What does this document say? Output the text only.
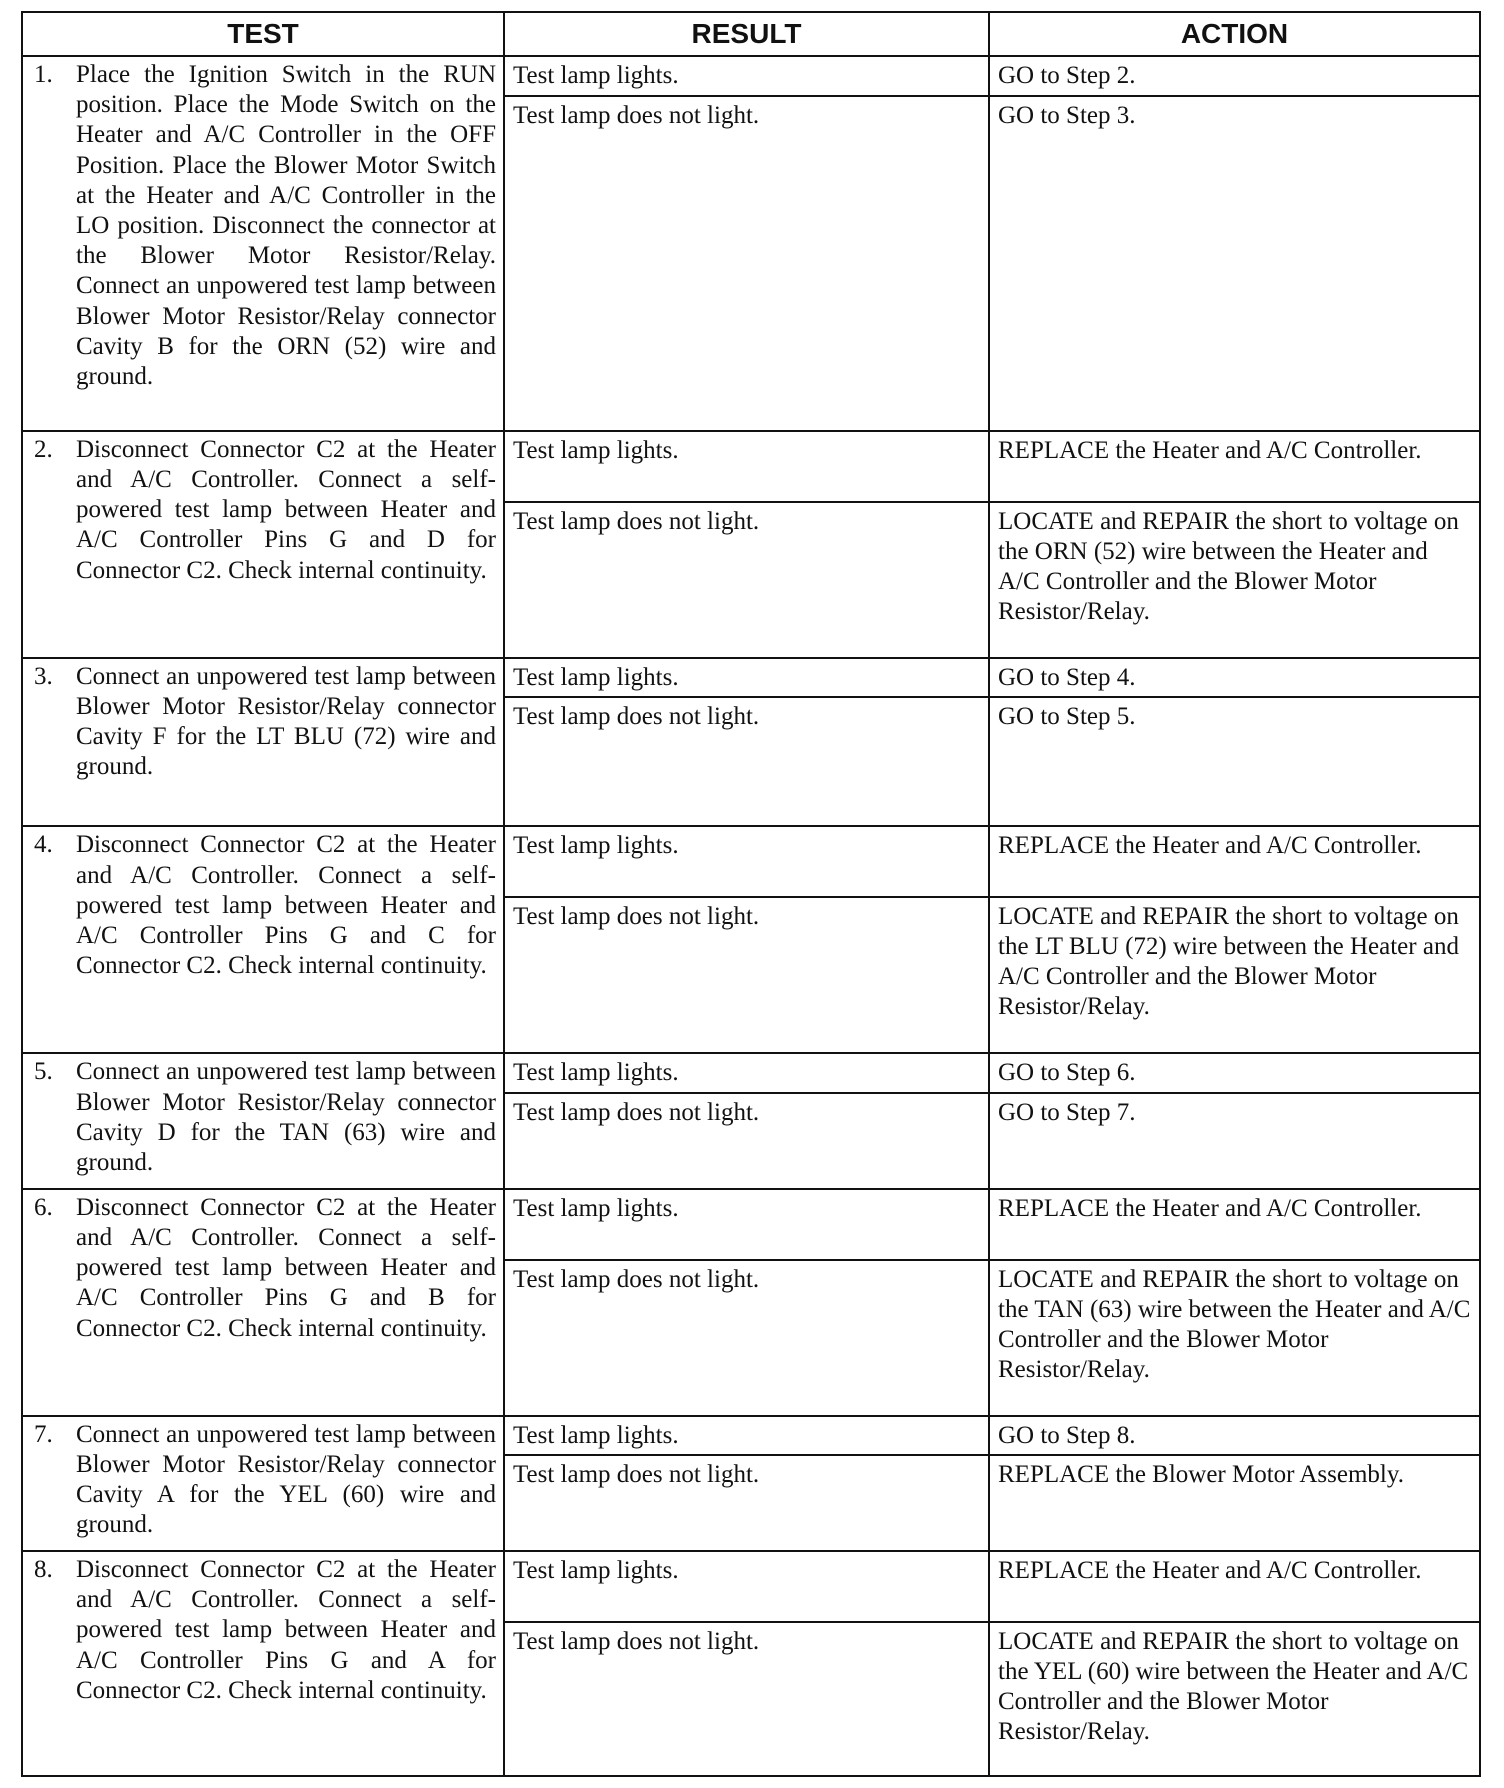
TEST	RESULT	ACTION
1. Place the Ignition Switch in the RUN position. Place the Mode Switch on the Heater and A/C Controller in the OFF Position. Place the Blower Motor Switch at the Heater and A/C Controller in the LO position. Disconnect the connector at the Blower Motor Resistor/Relay. Connect an unpowered test lamp between Blower Motor Resistor/Relay connector Cavity B for the ORN (52) wire and ground.	Test lamp lights.	GO to Step 2.
	Test lamp does not light.	GO to Step 3.
2. Disconnect Connector C2 at the Heater and A/C Controller. Connect a self-powered test lamp between Heater and A/C Controller Pins G and D for Connector C2. Check internal continuity.	Test lamp lights.	REPLACE the Heater and A/C Controller.
	Test lamp does not light.	LOCATE and REPAIR the short to voltage on the ORN (52) wire between the Heater and A/C Controller and the Blower Motor Resistor/Relay.
3. Connect an unpowered test lamp between Blower Motor Resistor/Relay connector Cavity F for the LT BLU (72) wire and ground.	Test lamp lights.	GO to Step 4.
	Test lamp does not light.	GO to Step 5.
4. Disconnect Connector C2 at the Heater and A/C Controller. Connect a self-powered test lamp between Heater and A/C Controller Pins G and C for Connector C2. Check internal continuity.	Test lamp lights.	REPLACE the Heater and A/C Controller.
	Test lamp does not light.	LOCATE and REPAIR the short to voltage on the LT BLU (72) wire between the Heater and A/C Controller and the Blower Motor Resistor/Relay.
5. Connect an unpowered test lamp between Blower Motor Resistor/Relay connector Cavity D for the TAN (63) wire and ground.	Test lamp lights.	GO to Step 6.
	Test lamp does not light.	GO to Step 7.
6. Disconnect Connector C2 at the Heater and A/C Controller. Connect a self-powered test lamp between Heater and A/C Controller Pins G and B for Connector C2. Check internal continuity.	Test lamp lights.	REPLACE the Heater and A/C Controller.
	Test lamp does not light.	LOCATE and REPAIR the short to voltage on the TAN (63) wire between the Heater and A/C Controller and the Blower Motor Resistor/Relay.
7. Connect an unpowered test lamp between Blower Motor Resistor/Relay connector Cavity A for the YEL (60) wire and ground.	Test lamp lights.	GO to Step 8.
	Test lamp does not light.	REPLACE the Blower Motor Assembly.
8. Disconnect Connector C2 at the Heater and A/C Controller. Connect a self-powered test lamp between Heater and A/C Controller Pins G and A for Connector C2. Check internal continuity.	Test lamp lights.	REPLACE the Heater and A/C Controller.
	Test lamp does not light.	LOCATE and REPAIR the short to voltage on the YEL (60) wire between the Heater and A/C Controller and the Blower Motor Resistor/Relay.
